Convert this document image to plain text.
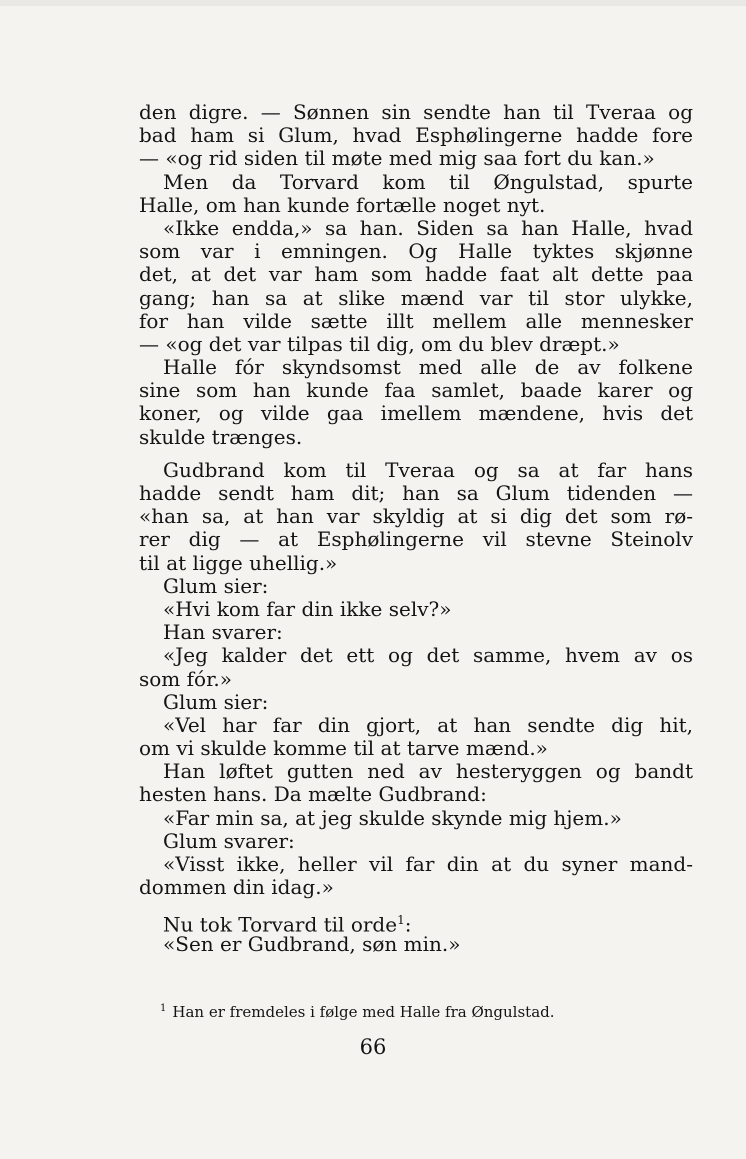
den digre. — Sønnen sin sendte han til Tveraa og
bad ham si Glum, hvad Esphølingerne hadde fore
— «og rid siden til møte med mig saa fort du kan.»
Men da Torvard kom til Øngulstad, spurte
Halle, om han kunde fortælle noget nyt.
«Ikke endda,» sa han. Siden sa han Halle, hvad
som var i emningen. Og Halle tyktes skjønne
det, at det var ham som hadde faat alt dette paa
gang; han sa at slike mænd var til stor ulykke,
for han vilde sætte illt mellem alle mennesker
— «og det var tilpas til dig, om du blev dræpt.»
Halle fór skyndsomst med alle de av folkene
sine som han kunde faa samlet, baade karer og
koner, og vilde gaa imellem mændene, hvis det
skulde trænges.
Gudbrand kom til Tveraa og sa at far hans
hadde sendt ham dit; han sa Glum tidenden —
«han sa, at han var skyldig at si dig det som rø-
rer dig — at Esphølingerne vil stevne Steinolv
til at ligge uhellig.»
Glum sier:
«Hvi kom far din ikke selv?»
Han svarer:
«Jeg kalder det ett og det samme, hvem av os
som fór.»
Glum sier:
«Vel har far din gjort, at han sendte dig hit,
om vi skulde komme til at tarve mænd.»
Han løftet gutten ned av hesteryggen og bandt
hesten hans. Da mælte Gudbrand:
«Far min sa, at jeg skulde skynde mig hjem.»
Glum svarer:
«Visst ikke, heller vil far din at du syner mand-
dommen din idag.»
Nu tok Torvard til orde$^1$:
«Sen er Gudbrand, søn min.»
$^1$ Han er fremdeles i følge med Halle fra Øngulstad.
66
